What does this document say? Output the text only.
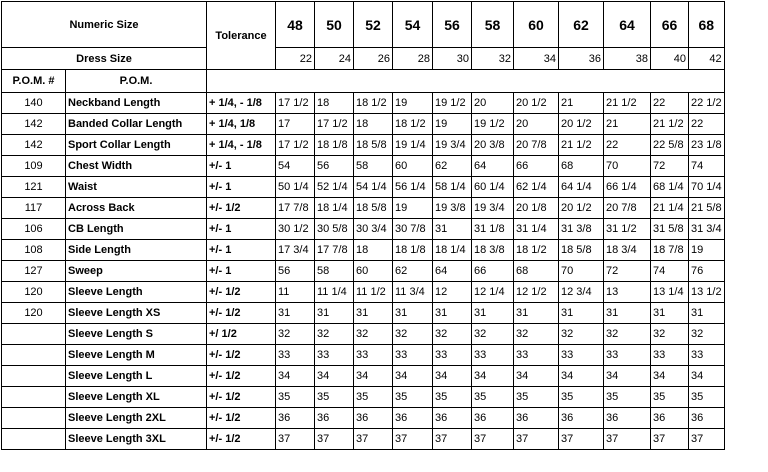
Numeric Size		Tolerance	48	50	52	54	56	58	60	62	64	66	68
Dress Size			22	24	26	28	30	32	34	36	38	40	42
P.O.M. #	P.O.M.												
140	Neckband Length	+ 1/4, - 1/8	17 1/2	18	18 1/2	19	19 1/2	20	20 1/2	21	21 1/2	22	22 1/2
142	Banded Collar Length	+ 1/4, 1/8	17	17 1/2	18	18 1/2	19	19 1/2	20	20 1/2	21	21 1/2	22
142	Sport Collar Length	+ 1/4, - 1/8	17 1/2	18 1/8	18 5/8	19 1/4	19 3/4	20 3/8	20 7/8	21 1/2	22	22 5/8	23 1/8
109	Chest Width	+/- 1	54	56	58	60	62	64	66	68	70	72	74
121	Waist	+/- 1	50 1/4	52 1/4	54 1/4	56 1/4	58 1/4	60 1/4	62 1/4	64 1/4	66 1/4	68 1/4	70 1/4
117	Across Back	+/- 1/2	17 7/8	18 1/4	18 5/8	19	19 3/8	19 3/4	20 1/8	20 1/2	20 7/8	21 1/4	21 5/8
106	CB Length	+/- 1	30 1/2	30 5/8	30 3/4	30 7/8	31	31 1/8	31 1/4	31 3/8	31 1/2	31 5/8	31 3/4
108	Side Length	+/- 1	17 3/4	17 7/8	18	18 1/8	18 1/4	18 3/8	18 1/2	18 5/8	18 3/4	18 7/8	19
127	Sweep	+/- 1	56	58	60	62	64	66	68	70	72	74	76
120	Sleeve Length	+/- 1/2	11	11 1/4	11 1/2	11 3/4	12	12 1/4	12 1/2	12 3/4	13	13 1/4	13 1/2
120	Sleeve Length XS	+/- 1/2	31	31	31	31	31	31	31	31	31	31	31
	Sleeve Length S	+/ 1/2	32	32	32	32	32	32	32	32	32	32	32
	Sleeve Length M	+/- 1/2	33	33	33	33	33	33	33	33	33	33	33
	Sleeve Length L	+/- 1/2	34	34	34	34	34	34	34	34	34	34	34
	Sleeve Length XL	+/- 1/2	35	35	35	35	35	35	35	35	35	35	35
	Sleeve Length 2XL	+/- 1/2	36	36	36	36	36	36	36	36	36	36	36
	Sleeve Length 3XL	+/- 1/2	37	37	37	37	37	37	37	37	37	37	37
